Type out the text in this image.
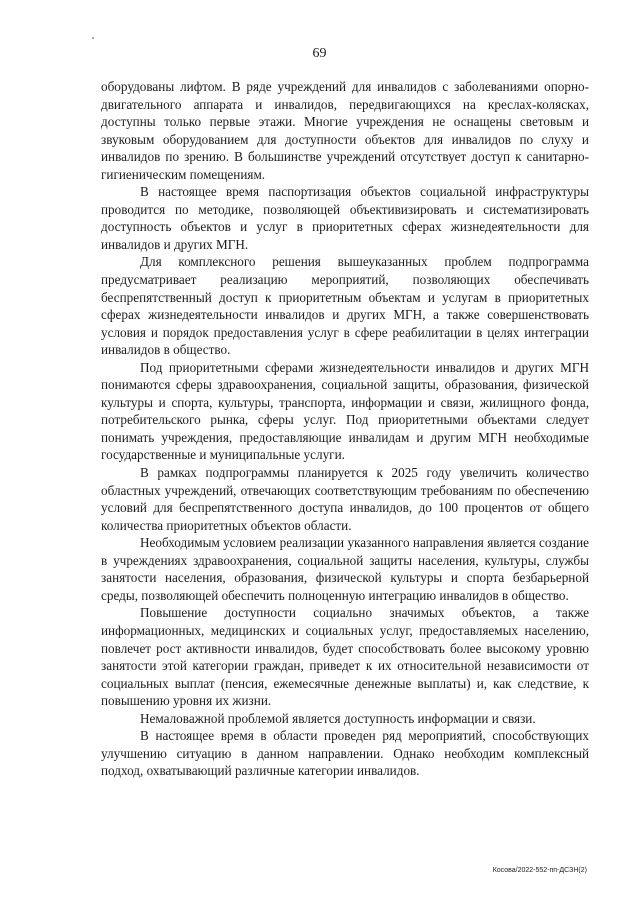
69

оборудованы лифтом. В ряде учреждений для инвалидов с заболеваниями опорно-двигательного аппарата и инвалидов, передвигающихся на креслах-колясках, доступны только первые этажи. Многие учреждения не оснащены световым и звуковым оборудованием для доступности объектов для инвалидов по слуху и инвалидов по зрению. В большинстве учреждений отсутствует доступ к санитарно-гигиеническим помещениям.

В настоящее время паспортизация объектов социальной инфраструктуры проводится по методике, позволяющей объективизировать и систематизировать доступность объектов и услуг в приоритетных сферах жизнедеятельности для инвалидов и других МГН.

Для комплексного решения вышеуказанных проблем подпрограмма предусматривает реализацию мероприятий, позволяющих обеспечивать беспрепятственный доступ к приоритетным объектам и услугам в приоритетных сферах жизнедеятельности инвалидов и других МГН, а также совершенствовать условия и порядок предоставления услуг в сфере реабилитации в целях интеграции инвалидов в общество.

Под приоритетными сферами жизнедеятельности инвалидов и других МГН понимаются сферы здравоохранения, социальной защиты, образования, физической культуры и спорта, культуры, транспорта, информации и связи, жилищного фонда, потребительского рынка, сферы услуг. Под приоритетными объектами следует понимать учреждения, предоставляющие инвалидам и другим МГН необходимые государственные и муниципальные услуги.

В рамках подпрограммы планируется к 2025 году увеличить количество областных учреждений, отвечающих соответствующим требованиям по обеспечению условий для беспрепятственного доступа инвалидов, до 100 процентов от общего количества приоритетных объектов области.

Необходимым условием реализации указанного направления является создание в учреждениях здравоохранения, социальной защиты населения, культуры, службы занятости населения, образования, физической культуры и спорта безбарьерной среды, позволяющей обеспечить полноценную интеграцию инвалидов в общество.

Повышение доступности социально значимых объектов, а также информационных, медицинских и социальных услуг, предоставляемых населению, повлечет рост активности инвалидов, будет способствовать более высокому уровню занятости этой категории граждан, приведет к их относительной независимости от социальных выплат (пенсия, ежемесячные денежные выплаты) и, как следствие, к повышению уровня их жизни.

Немаловажной проблемой является доступность информации и связи.

В настоящее время в области проведен ряд мероприятий, способствующих улучшению ситуацию в данном направлении. Однако необходим комплексный подход, охватывающий различные категории инвалидов.

Косова/2022-552-пп-ДСЗН(2)
